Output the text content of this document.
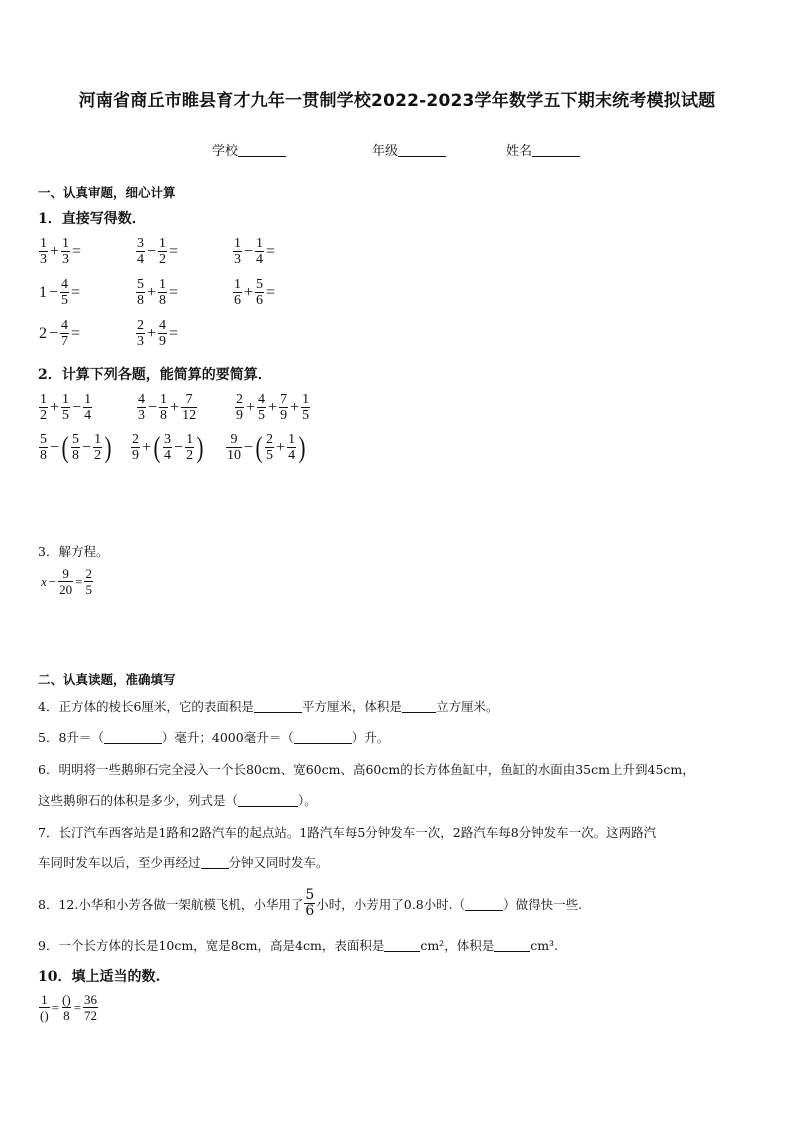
河南省商丘市睢县育才九年一贯制学校2022-2023学年数学五下期末统考模拟试题
学校	年级	姓名
一、认真审题，细心计算
1．直接写得数．
$\frac{1}{3} + \frac{1}{3}$ =	$\frac{3}{4} - \frac{1}{2}$ =	$\frac{1}{3} - \frac{1}{4}$ =
$1 - \frac{4}{5}$ =	$\frac{5}{8} + \frac{1}{8}$ =	$\frac{1}{6} + \frac{5}{6}$ =
$2 - \frac{4}{7}$ =	$\frac{2}{3} + \frac{4}{9}$ =
2．计算下列各题，能简算的要简算．
$\frac{1}{2} + \frac{1}{5} - \frac{1}{4}$	$\frac{4}{3} - \frac{1}{8} + \frac{7}{12}$	$\frac{2}{9} + \frac{4}{5} + \frac{7}{9} + \frac{1}{5}$
$\frac{5}{8}$ − ( $\frac{5}{8} - \frac{1}{2}$ ) $\frac{2}{9}$ + ( $\frac{3}{4} - \frac{1}{2}$ ) $\frac{9}{10}$ − ( $\frac{2}{5} + \frac{1}{4}$ )
3．解方程。
$x - \frac{9}{20} = \frac{2}{5}$
二、认真读题，准确填写
4．正方体的棱长6厘米，它的表面积是	平方厘米，体积是	立方厘米。
5．8升＝（	）毫升；4000毫升＝（	）升。
6．明明将一些鹅卵石完全浸入一个长80cm、宽60cm、高60cm的长方体鱼缸中，鱼缸的水面由35cm上升到45cm，
这些鹅卵石的体积是多少，列式是（	）。
7．长汀汽车西客站是1路和2路汽车的起点站。1路汽车每5分钟发车一次，2路汽车每8分钟发车一次。这两路汽
车同时发车以后，至少再经过 分钟又同时发车。
8．12.小华和小芳各做一架航模飞机，小华用了 $\frac{5}{6}$ 小时，小芳用了0.8小时.（	）做得快一些.
9．一个长方体的长是10cm，宽是8cm，高是4cm，表面积是	cm²，体积是	cm³.
10．填上适当的数.
$\frac{1}{()} = \frac{()}{8} = \frac{36}{72}$
